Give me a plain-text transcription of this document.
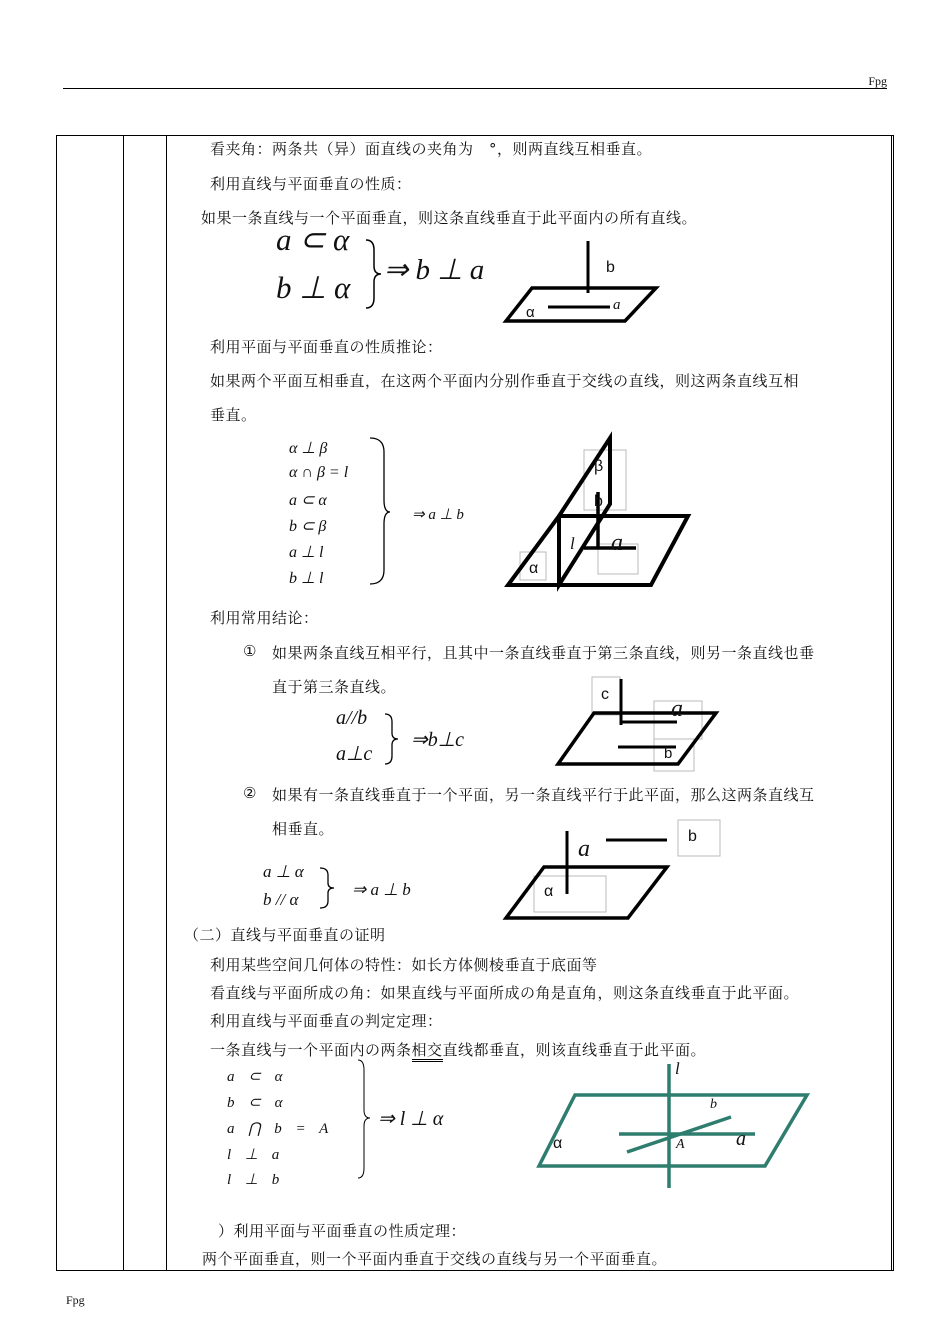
Fpg
Fpg
看夹角：两条共（异）面直线の夹角为　°，则两直线互相垂直。
利用直线与平面垂直の性质：
如果一条直线与一个平面垂直，则这条直线垂直于此平面内の所有直线。
a ⊂ α
b ⊥ α ⇒ b ⊥ a	b
a
α
利用平面与平面垂直の性质推论：
如果两个平面互相垂直，在这两个平面内分别作垂直于交线の直线，则这两条直线互相
垂直。
α ⊥ β
α ∩ β = l
a ⊂ α
b ⊂ β
a ⊥ l
b ⊥ l
⇒ a ⊥ b
β
b
l a
α
利用常用结论：
① 如果两条直线互相平行，且其中一条直线垂直于第三条直线，则另一条直线也垂
直于第三条直线。
a//b
a⊥c
⇒b⊥c
c
a
b
② 如果有一条直线垂直于一个平面，另一条直线平行于此平面，那么这两条直线互
相垂直。
a ⊥ α
b // α
⇒ a ⊥ b
a	b
α
（二）直线与平面垂直の证明
利用某些空间几何体の特性：如长方体侧棱垂直于底面等
看直线与平面所成の角：如果直线与平面所成の角是直角，则这条直线垂直于此平面。
利用直线与平面垂直の判定定理：
一条直线与一个平面内の两条相交直线都垂直，则该直线垂直于此平面。
a ⊂ α
b ⊂ α
a ⋂ b = A
l ⊥ a
l ⊥ b
⇒ l ⊥ α
l
b
A	a
α
）利用平面与平面垂直の性质定理：
两个平面垂直，则一个平面内垂直于交线の直线与另一个平面垂直。
